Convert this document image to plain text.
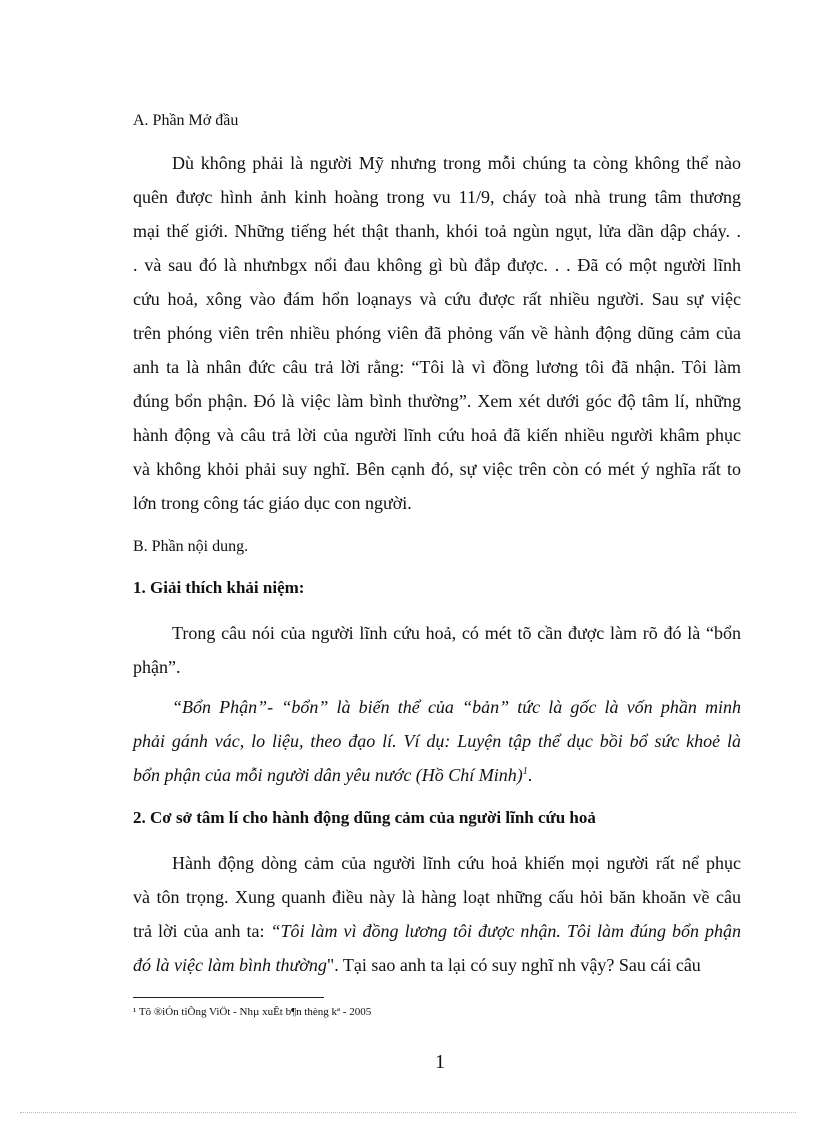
A. Phần Mở đầu
Dù không phải là người Mỹ nhưng trong mỗi chúng ta còng không thể nào
quên được hình ảnh kinh hoàng trong vu 11/9, cháy toà nhà trung tâm thương
mại thế giới. Những tiếng hét thật thanh, khói toả ngùn ngụt, lửa dần dập cháy. .
. và sau đó là nhưnbgx nổi đau không gì bù đắp được. . . Đã có một người lĩnh
cứu hoả, xông vào đám hổn loạnays và cứu được rất nhiều người. Sau sự việc
trên phóng viên trên nhiều phóng viên đã phỏng vấn về hành động dũng cảm của
anh ta là nhân đức câu trả lời rằng: “Tôi là vì đồng lương tôi đã nhận. Tôi làm
đúng bổn phận. Đó là việc làm bình thường”. Xem xét dưới góc độ tâm lí, những
hành động và câu trả lời của người lĩnh cứu hoả đã kiến nhiều người khâm phục
và không khỏi phải suy nghĩ. Bên cạnh đó, sự việc trên còn có mét ý nghĩa rất to
lớn trong công tác giáo dục con người.
B. Phần nội dung.
1. Giải thích khải niệm:
Trong câu nói của người lĩnh cứu hoả, có mét tõ cần được làm rõ đó là “bổn
phận”.
“Bổn Phận”- “bổn” là biến thể của “bản” tức là gốc là vốn phần minh
phải gánh vác, lo liệu, theo đạo lí. Ví dụ: Luyện tập thể dục bồi bổ sức khoẻ là
bổn phận của mỗi người dân yêu nước (Hồ Chí Minh)$^1$.
2. Cơ sở tâm lí cho hành động dũng cảm của người lĩnh cứu hoả
Hành động dòng cảm của người lĩnh cứu hoả khiến mọi người rất nể phục
và tôn trọng. Xung quanh điều này là hàng loạt những cấu hỏi băn khoăn về câu
trả lời của anh ta: “Tôi làm vì đồng lương tôi được nhận. Tôi làm đúng bổn phận
đó là việc làm bình thường". Tại sao anh ta lại có suy nghĩ nh vậy? Sau cái câu
¹ Tõ ®iÓn tiÕng ViÖt - Nhµ xuÊt b¶n thèng kª - 2005
1
